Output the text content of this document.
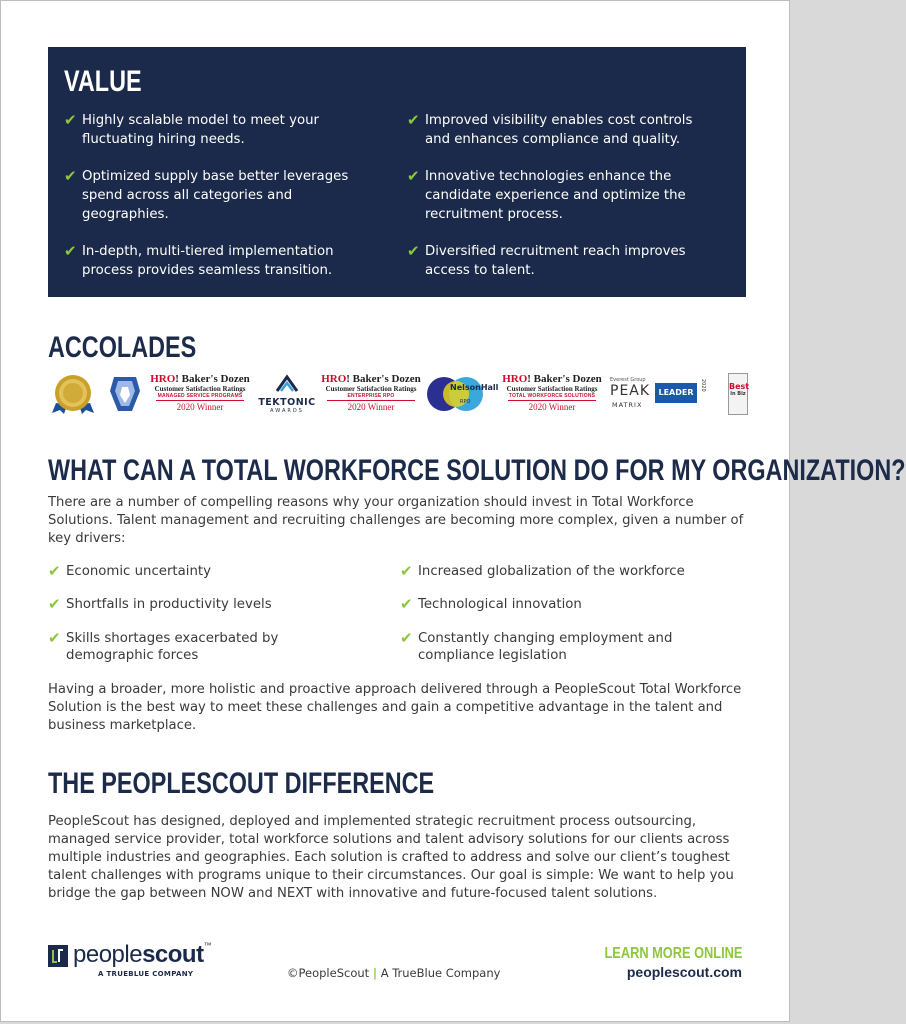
VALUE
✔ Highly scalable model to meet your fluctuating hiring needs.
✔ Optimized supply base better leverages spend across all categories and geographies.
✔ In-depth, multi-tiered implementation process provides seamless transition.
✔ Improved visibility enables cost controls and enhances compliance and quality.
✔ Innovative technologies enhance the candidate experience and optimize the recruitment process.
✔ Diversified recruitment reach improves access to talent.
ACCOLADES
HRO! Baker's Dozen
Customer Satisfaction Ratings
MANAGED SERVICE PROGRAMS
2020 Winner	TEKTONIC
AWARDS
HRO! Baker's Dozen
Customer Satisfaction Ratings
ENTERPRISE RPO
2020 Winner
NelsonHall
RPO
HRO! Baker's Dozen
Customer Satisfaction Ratings
TOTAL WORKFORCE SOLUTIONS
2020 Winner
Everest Group
PEAK
MATRIX
LEADER
2020	Best
in Biz
WHAT CAN A TOTAL WORKFORCE SOLUTION DO FOR MY ORGANIZATION?
There are a number of compelling reasons why your organization should invest in Total Workforce Solutions. Talent management and recruiting challenges are becoming more complex, given a number of key drivers:
✔ Economic uncertainty
✔ Shortfalls in productivity levels
✔ Skills shortages exacerbated by demographic forces
✔ Increased globalization of the workforce
✔ Technological innovation
✔ Constantly changing employment and compliance legislation
Having a broader, more holistic and proactive approach delivered through a PeopleScout Total Workforce Solution is the best way to meet these challenges and gain a competitive advantage in the talent and business marketplace.
THE PEOPLESCOUT DIFFERENCE
PeopleScout has designed, deployed and implemented strategic recruitment process outsourcing, managed service provider, total workforce solutions and talent advisory solutions for our clients across multiple industries and geographies. Each solution is crafted to address and solve our client’s toughest talent challenges with programs unique to their circumstances. Our goal is simple: We want to help you bridge the gap between NOW and NEXT with innovative and future-focused talent solutions.
peoplescout™
A TRUEBLUE COMPANY	©PeopleScout | A TrueBlue Company
LEARN MORE ONLINE
peoplescout.com
